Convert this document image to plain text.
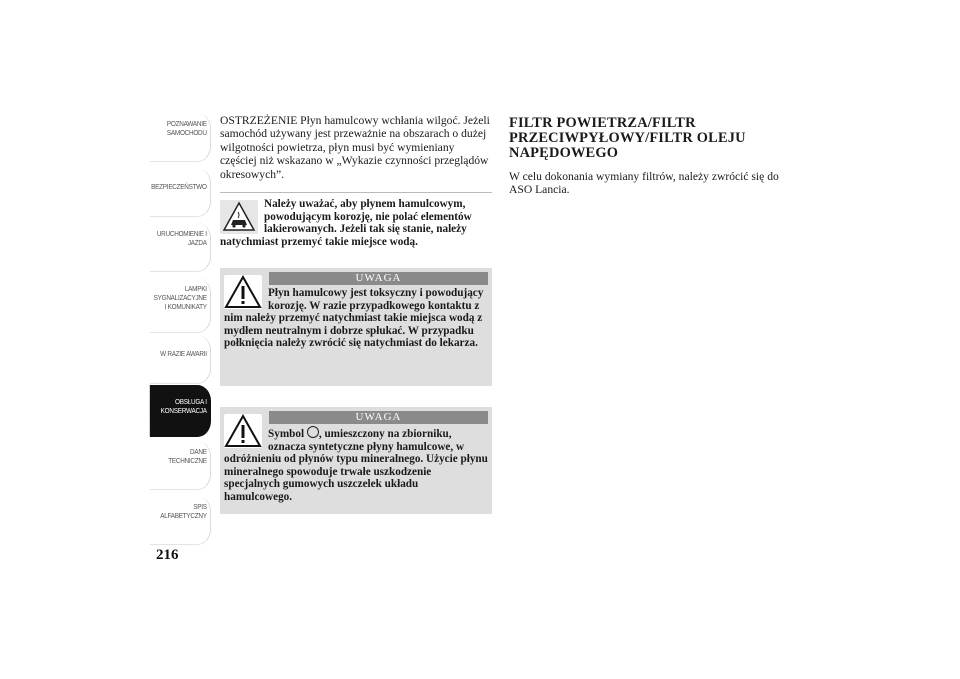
POZNAWANIE
SAMOCHODU
BEZPIECZEŃSTWO
URUCHOMIENIE I
JAZDA
LAMPKI
SYGNALIZACYJNE
I KOMUNIKATY
W RAZIE AWARII
OBSŁUGA I
KONSERWACJA
DANE
TECHNICZNE
SPIS
ALFABETYCZNY
216

OSTRZEŻENIE Płyn hamulcowy wchłania wilgoć. Jeżeli samochód używany jest przeważnie na obszarach o dużej wilgotności powietrza, płyn musi być wymieniany częściej niż wskazano w „Wykazie czynności przeglądów okresowych”.

Należy uważać, aby płynem hamulcowym, powodującym korozję, nie polać elementów lakierowanych. Jeżeli tak się stanie, należy natychmiast przemyć takie miejsce wodą.
UWAGA
Płyn hamulcowy jest toksyczny i powodujący korozję. W razie przypadkowego kontaktu z nim należy przemyć natychmiast takie miejsca wodą z mydłem neutralnym i dobrze spłukać. W przypadku połknięcia należy zwrócić się natychmiast do lekarza.
UWAGA
Symbol , umieszczony na zbiorniku, oznacza syntetyczne płyny hamulcowe, w odróżnieniu od płynów typu mineralnego. Użycie płynu mineralnego spowoduje trwałe uszkodzenie specjalnych gumowych uszczelek układu hamulcowego.
FILTR POWIETRZA/FILTR PRZECIWPYŁOWY/FILTR OLEJU NAPĘDOWEGO

W celu dokonania wymiany filtrów, należy zwrócić się do ASO Lancia.
